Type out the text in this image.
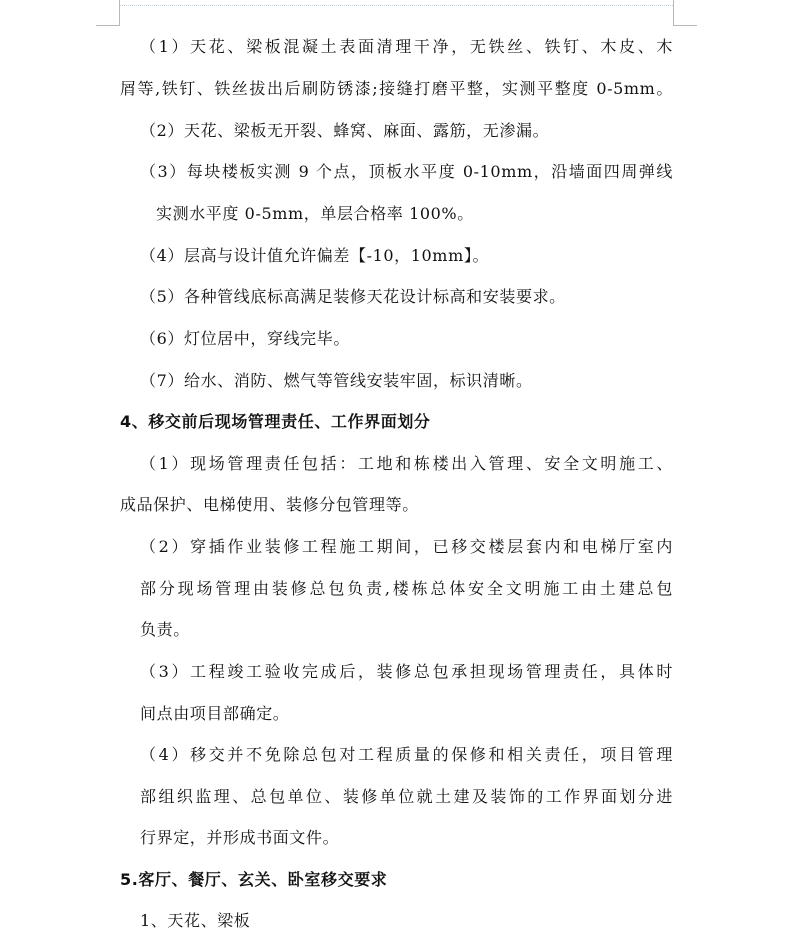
（1）天花、梁板混凝土表面清理干净，无铁丝、铁钉、木皮、木
屑等,铁钉、铁丝拔出后刷防锈漆;接缝打磨平整，实测平整度 0-5mm。
（2）天花、梁板无开裂、蜂窝、麻面、露筋，无渗漏。
（3）每块楼板实测 9 个点，顶板水平度 0-10mm，沿墙面四周弹线
实测水平度 0-5mm，单层合格率 100%。
（4）层高与设计值允许偏差【-10，10mm】。
（5）各种管线底标高满足装修天花设计标高和安装要求。
（6）灯位居中，穿线完毕。
（7）给水、消防、燃气等管线安装牢固，标识清晰。
4、移交前后现场管理责任、工作界面划分
（1）现场管理责任包括：工地和栋楼出入管理、安全文明施工、
成品保护、电梯使用、装修分包管理等。
（2）穿插作业装修工程施工期间，已移交楼层套内和电梯厅室内
部分现场管理由装修总包负责,楼栋总体安全文明施工由土建总包
负责。
（3）工程竣工验收完成后，装修总包承担现场管理责任，具体时
间点由项目部确定。
（4）移交并不免除总包对工程质量的保修和相关责任，项目管理
部组织监理、总包单位、装修单位就土建及装饰的工作界面划分进
行界定，并形成书面文件。
5.客厅、餐厅、玄关、卧室移交要求
1、天花、梁板
